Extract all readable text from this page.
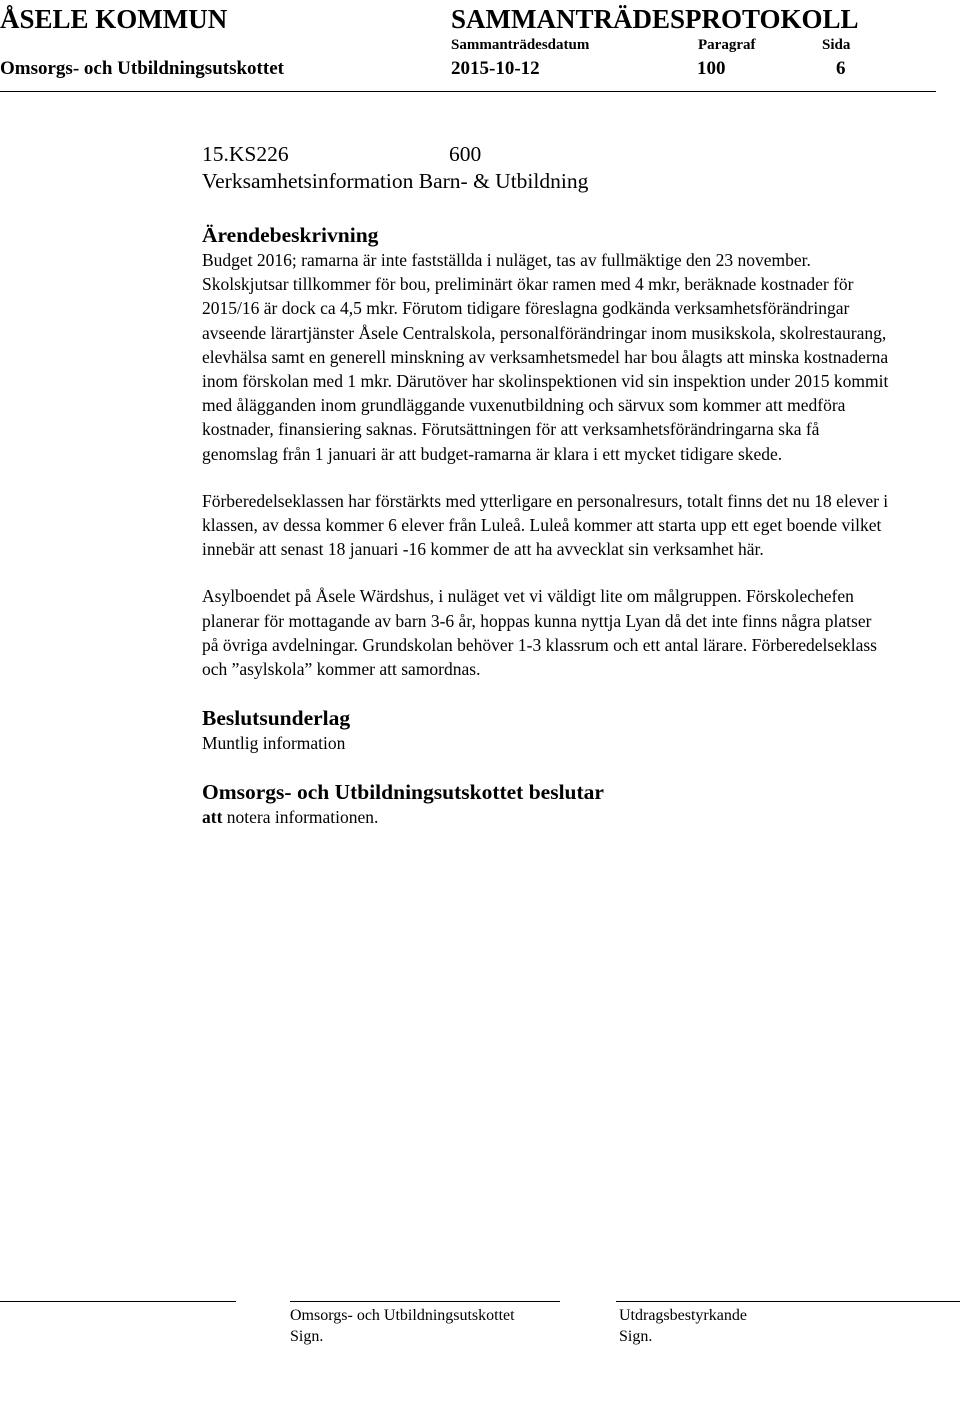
ÅSELE KOMMUN	SAMMANTRÄDESPROTOKOLL
Sammanträdesdatum	Paragraf	Sida
Omsorgs- och Utbildningsutskottet	2015-10-12	100	6
15.KS226	600

Verksamhetsinformation Barn- & Utbildning

Ärendebeskrivning

Budget 2016; ramarna är inte fastställda i nuläget, tas av fullmäktige den 23 november. Skolskjutsar tillkommer för bou, preliminärt ökar ramen med 4 mkr, beräknade kostnader för 2015/16 är dock ca 4,5 mkr. Förutom tidigare föreslagna godkända verksamhetsförändringar avseende lärartjänster Åsele Centralskola, personalförändringar inom musikskola, skolrestaurang, elevhälsa samt en generell minskning av verksamhetsmedel har bou ålagts att minska kostnaderna inom förskolan med 1 mkr. Därutöver har skolinspektionen vid sin inspektion under 2015 kommit med ålägganden inom grundläggande vuxenutbildning och särvux som kommer att medföra kostnader, finansiering saknas. Förutsättningen för att verksamhetsförändringarna ska få genomslag från 1 januari är att budget-ramarna är klara i ett mycket tidigare skede.

Förberedelseklassen har förstärkts med ytterligare en personalresurs, totalt finns det nu 18 elever i klassen, av dessa kommer 6 elever från Luleå. Luleå kommer att starta upp ett eget boende vilket innebär att senast 18 januari -16 kommer de att ha avvecklat sin verksamhet här.

Asylboendet på Åsele Wärdshus, i nuläget vet vi väldigt lite om målgruppen. Förskolechefen planerar för mottagande av barn 3-6 år, hoppas kunna nyttja Lyan då det inte finns några platser på övriga avdelningar. Grundskolan behöver 1-3 klassrum och ett antal lärare. Förberedelseklass och ”asylskola” kommer att samordnas.

Beslutsunderlag

Muntlig information

Omsorgs- och Utbildningsutskottet beslutar

att notera informationen.

Omsorgs- och Utbildningsutskottet
Sign.
Utdragsbestyrkande
Sign.
